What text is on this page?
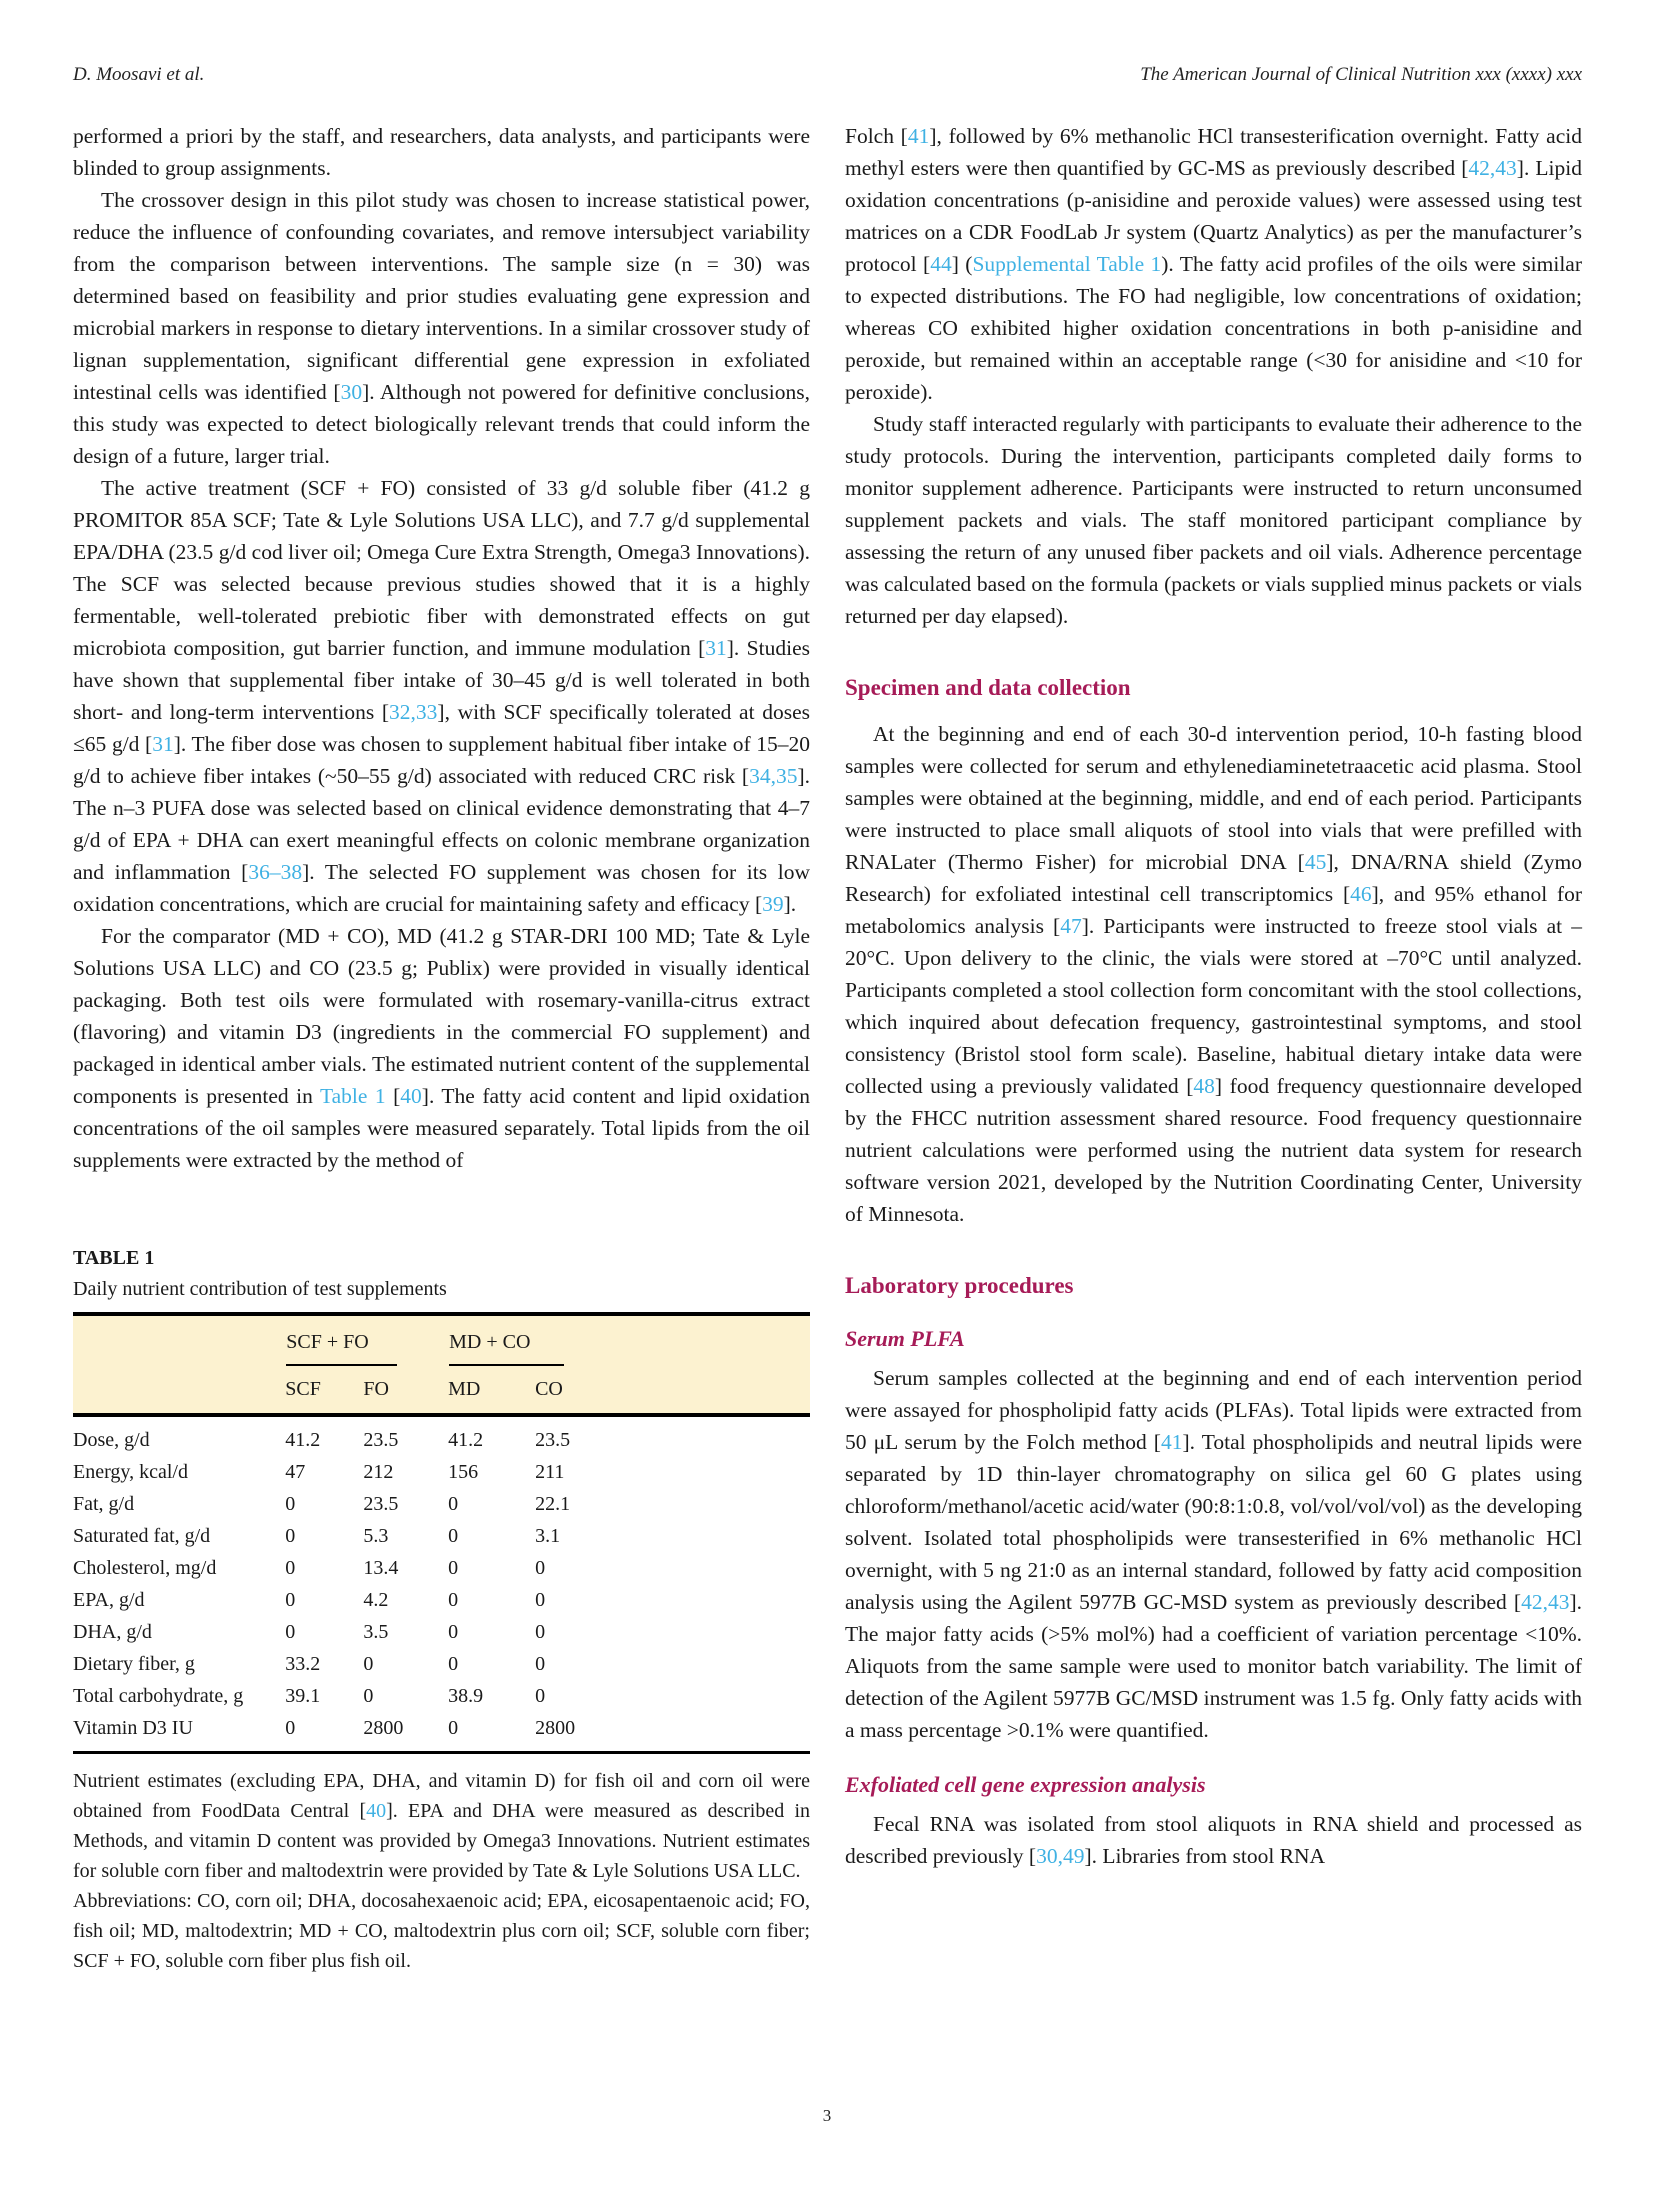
D. Moosavi et al.	The American Journal of Clinical Nutrition xxx (xxxx) xxx

performed a priori by the staff, and researchers, data analysts, and participants were blinded to group assignments.

The crossover design in this pilot study was chosen to increase statistical power, reduce the influence of confounding covariates, and remove intersubject variability from the comparison between interventions. The sample size (n = 30) was determined based on feasibility and prior studies evaluating gene expression and microbial markers in response to dietary interventions. In a similar crossover study of lignan supplementation, significant differential gene expression in exfoliated intestinal cells was identified [30]. Although not powered for definitive conclusions, this study was expected to detect biologically relevant trends that could inform the design of a future, larger trial.

The active treatment (SCF + FO) consisted of 33 g/d soluble fiber (41.2 g PROMITOR 85A SCF; Tate & Lyle Solutions USA LLC), and 7.7 g/d supplemental EPA/DHA (23.5 g/d cod liver oil; Omega Cure Extra Strength, Omega3 Innovations). The SCF was selected because previous studies showed that it is a highly fermentable, well-tolerated prebiotic fiber with demonstrated effects on gut microbiota composition, gut barrier function, and immune modulation [31]. Studies have shown that supplemental fiber intake of 30–45 g/d is well tolerated in both short- and long-term interventions [32,33], with SCF specifically tolerated at doses ≤65 g/d [31]. The fiber dose was chosen to supplement habitual fiber intake of 15–20 g/d to achieve fiber intakes (~50–55 g/d) associated with reduced CRC risk [34,35]. The n–3 PUFA dose was selected based on clinical evidence demonstrating that 4–7 g/d of EPA + DHA can exert meaningful effects on colonic membrane organization and inflammation [36–38]. The selected FO supplement was chosen for its low oxidation concentrations, which are crucial for maintaining safety and efficacy [39].

For the comparator (MD + CO), MD (41.2 g STAR-DRI 100 MD; Tate & Lyle Solutions USA LLC) and CO (23.5 g; Publix) were provided in visually identical packaging. Both test oils were formulated with rosemary-vanilla-citrus extract (flavoring) and vitamin D3 (ingredients in the commercial FO supplement) and packaged in identical amber vials. The estimated nutrient content of the supplemental components is presented in Table 1 [40]. The fatty acid content and lipid oxidation concentrations of the oil samples were measured separately. Total lipids from the oil supplements were extracted by the method of

TABLE 1
Daily nutrient contribution of test supplements

	SCF + FO		MD + CO	

	SCF	FO	MD	CO
Dose, g/d	41.2	23.5	41.2	23.5
Energy, kcal/d	47	212	156	211
Fat, g/d	0	23.5	0	22.1
Saturated fat, g/d	0	5.3	0	3.1
Cholesterol, mg/d	0	13.4	0	0
EPA, g/d	0	4.2	0	0
DHA, g/d	0	3.5	0	0
Dietary fiber, g	33.2	0	0	0
Total carbohydrate, g	39.1	0	38.9	0
Vitamin D3 IU	0	2800	0	2800

Nutrient estimates (excluding EPA, DHA, and vitamin D) for fish oil and corn oil were obtained from FoodData Central [40]. EPA and DHA were measured as described in Methods, and vitamin D content was provided by Omega3 Innovations. Nutrient estimates for soluble corn fiber and maltodextrin were provided by Tate & Lyle Solutions USA LLC.

Abbreviations: CO, corn oil; DHA, docosahexaenoic acid; EPA, eicosapentaenoic acid; FO, fish oil; MD, maltodextrin; MD + CO, maltodextrin plus corn oil; SCF, soluble corn fiber; SCF + FO, soluble corn fiber plus fish oil.

Folch [41], followed by 6% methanolic HCl transesterification overnight. Fatty acid methyl esters were then quantified by GC-MS as previously described [42,43]. Lipid oxidation concentrations (p-anisidine and peroxide values) were assessed using test matrices on a CDR FoodLab Jr system (Quartz Analytics) as per the manufacturer’s protocol [44] (Supplemental Table 1). The fatty acid profiles of the oils were similar to expected distributions. The FO had negligible, low concentrations of oxidation; whereas CO exhibited higher oxidation concentrations in both p-anisidine and peroxide, but remained within an acceptable range (<30 for anisidine and <10 for peroxide).

Study staff interacted regularly with participants to evaluate their adherence to the study protocols. During the intervention, participants completed daily forms to monitor supplement adherence. Participants were instructed to return unconsumed supplement packets and vials. The staff monitored participant compliance by assessing the return of any unused fiber packets and oil vials. Adherence percentage was calculated based on the formula (packets or vials supplied minus packets or vials returned per day elapsed).

Specimen and data collection

At the beginning and end of each 30-d intervention period, 10-h fasting blood samples were collected for serum and ethylenediaminetetraacetic acid plasma. Stool samples were obtained at the beginning, middle, and end of each period. Participants were instructed to place small aliquots of stool into vials that were prefilled with RNALater (Thermo Fisher) for microbial DNA [45], DNA/RNA shield (Zymo Research) for exfoliated intestinal cell transcriptomics [46], and 95% ethanol for metabolomics analysis [47]. Participants were instructed to freeze stool vials at –20°C. Upon delivery to the clinic, the vials were stored at –70°C until analyzed. Participants completed a stool collection form concomitant with the stool collections, which inquired about defecation frequency, gastrointestinal symptoms, and stool consistency (Bristol stool form scale). Baseline, habitual dietary intake data were collected using a previously validated [48] food frequency questionnaire developed by the FHCC nutrition assessment shared resource. Food frequency questionnaire nutrient calculations were performed using the nutrient data system for research software version 2021, developed by the Nutrition Coordinating Center, University of Minnesota.

Laboratory procedures
Serum PLFA

Serum samples collected at the beginning and end of each intervention period were assayed for phospholipid fatty acids (PLFAs). Total lipids were extracted from 50 μL serum by the Folch method [41]. Total phospholipids and neutral lipids were separated by 1D thin-layer chromatography on silica gel 60 G plates using chloroform/methanol/acetic acid/water (90:8:1:0.8, vol/vol/vol/vol) as the developing solvent. Isolated total phospholipids were transesterified in 6% methanolic HCl overnight, with 5 ng 21:0 as an internal standard, followed by fatty acid composition analysis using the Agilent 5977B GC-MSD system as previously described [42,43]. The major fatty acids (>5% mol%) had a coefficient of variation percentage <10%. Aliquots from the same sample were used to monitor batch variability. The limit of detection of the Agilent 5977B GC/MSD instrument was 1.5 fg. Only fatty acids with a mass percentage >0.1% were quantified.

Exfoliated cell gene expression analysis

Fecal RNA was isolated from stool aliquots in RNA shield and processed as described previously [30,49]. Libraries from stool RNA

3
